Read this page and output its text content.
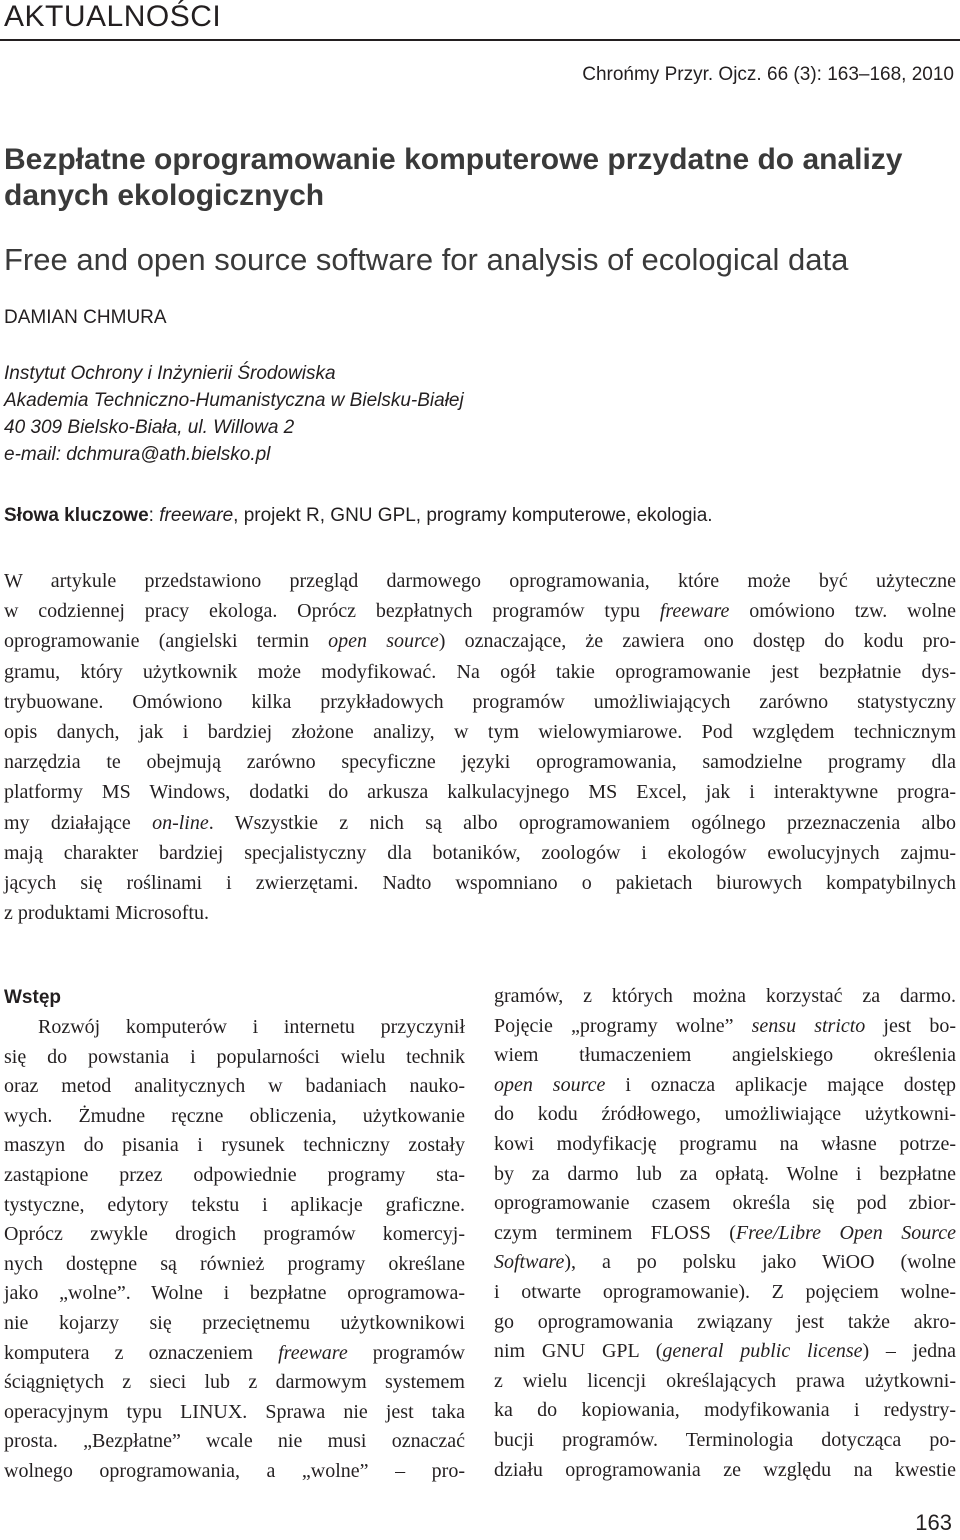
AKTUALNOŚCI
Chrońmy Przyr. Ojcz. 66 (3): 163–168, 2010
Bezpłatne oprogramowanie komputerowe przydatne do analizy danych ekologicznych
Free and open source software for analysis of ecological data
DAMIAN CHMURA
Instytut Ochrony i Inżynierii Środowiska
Akademia Techniczno-Humanistyczna w Bielsku-Białej
40 309 Bielsko-Biała, ul. Willowa 2
e-mail: dchmura@ath.bielsko.pl
Słowa kluczowe: freeware, projekt R, GNU GPL, programy komputerowe, ekologia.
W artykule przedstawiono przegląd darmowego oprogramowania, które może być użyteczne
w codziennej pracy ekologa. Oprócz bezpłatnych programów typu freeware omówiono tzw. wolne
oprogramowanie (angielski termin open source) oznaczające, że zawiera ono dostęp do kodu pro-
gramu, który użytkownik może modyfikować. Na ogół takie oprogramowanie jest bezpłatnie dys-
trybuowane. Omówiono kilka przykładowych programów umożliwiających zarówno statystyczny
opis danych, jak i bardziej złożone analizy, w tym wielowymiarowe. Pod względem technicznym
narzędzia te obejmują zarówno specyficzne języki oprogramowania, samodzielne programy dla
platformy MS Windows, dodatki do arkusza kalkulacyjnego MS Excel, jak i interaktywne progra-
my działające on-line. Wszystkie z nich są albo oprogramowaniem ogólnego przeznaczenia albo
mają charakter bardziej specjalistyczny dla botaników, zoologów i ekologów ewolucyjnych zajmu-
jących się roślinami i zwierzętami. Nadto wspomniano o pakietach biurowych kompatybilnych
z produktami Microsoftu.
Wstęp
Rozwój komputerów i internetu przyczynił
się do powstania i popularności wielu technik
oraz metod analitycznych w badaniach nauko-
wych. Żmudne ręczne obliczenia, użytkowanie
maszyn do pisania i rysunek techniczny zostały
zastąpione przez odpowiednie programy sta-
tystyczne, edytory tekstu i aplikacje graficzne.
Oprócz zwykle drogich programów komercyj-
nych dostępne są również programy określane
jako „wolne”. Wolne i bezpłatne oprogramowa-
nie kojarzy się przeciętnemu użytkownikowi
komputera z oznaczeniem freeware programów
ściągniętych z sieci lub z darmowym systemem
operacyjnym typu LINUX. Sprawa nie jest taka
prosta. „Bezpłatne” wcale nie musi oznaczać
wolnego oprogramowania, a „wolne” – pro-
gramów, z których można korzystać za darmo.
Pojęcie „programy wolne” sensu stricto jest bo-
wiem tłumaczeniem angielskiego określenia
open source i oznacza aplikacje mające dostęp
do kodu źródłowego, umożliwiające użytkowni-
kowi modyfikację programu na własne potrze-
by za darmo lub za opłatą. Wolne i bezpłatne
oprogramowanie czasem określa się pod zbior-
czym terminem FLOSS (Free/Libre Open Source
Software), a po polsku jako WiOO (wolne
i otwarte oprogramowanie). Z pojęciem wolne-
go oprogramowania związany jest także akro-
nim GNU GPL (general public license) – jedna
z wielu licencji określających prawa użytkowni-
ka do kopiowania, modyfikowania i redystry-
bucji programów. Terminologia dotycząca po-
działu oprogramowania ze względu na kwestie
163
